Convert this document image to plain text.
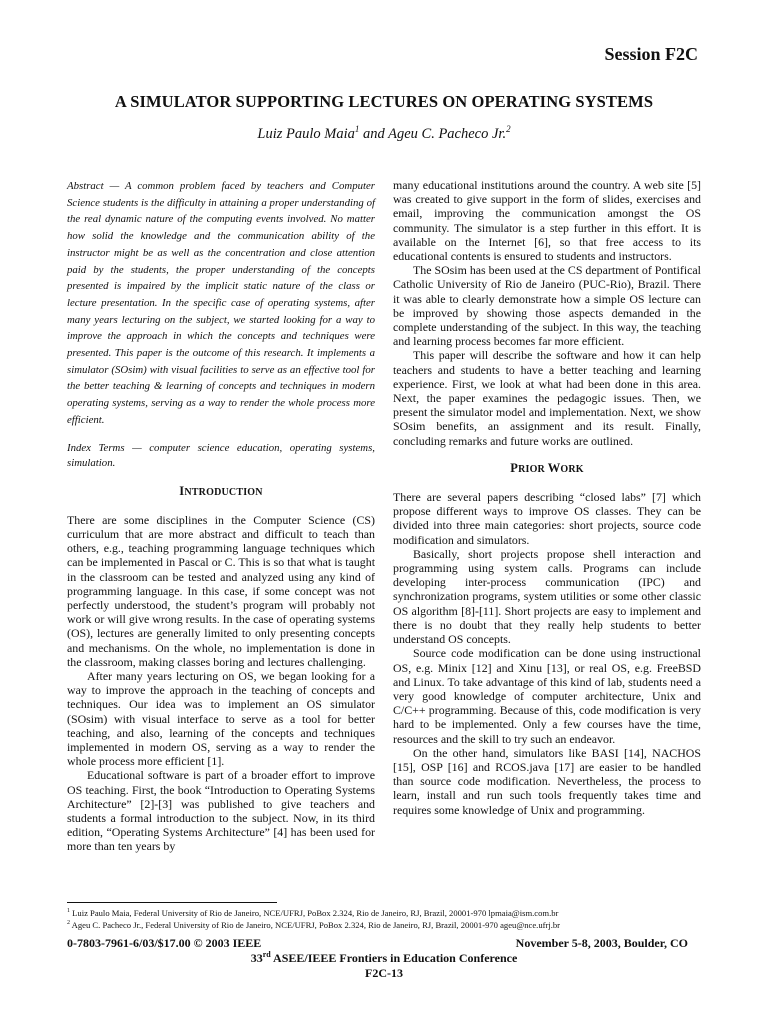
Session F2C
A SIMULATOR SUPPORTING LECTURES ON OPERATING SYSTEMS
Luiz Paulo Maia$^1$ and Ageu C. Pacheco Jr.$^2$

Abstract — A common problem faced by teachers and Computer Science students is the difficulty in attaining a proper understanding of the real dynamic nature of the computing events involved. No matter how solid the knowledge and the communication ability of the instructor might be as well as the concentration and close attention paid by the students, the proper understanding of the concepts presented is impaired by the implicit static nature of the class or lecture presentation. In the specific case of operating systems, after many years lecturing on the subject, we started looking for a way to improve the approach in which the concepts and techniques were presented. This paper is the outcome of this research. It implements a simulator (SOsim) with visual facilities to serve as an effective tool for the better teaching & learning of concepts and techniques in modern operating systems, serving as a way to render the whole process more efficient.

Index Terms — computer science education, operating systems, simulation.

INTRODUCTION

There are some disciplines in the Computer Science (CS) curriculum that are more abstract and difficult to teach than others, e.g., teaching programming language techniques which can be implemented in Pascal or C. This is so that what is taught in the classroom can be tested and analyzed using any kind of programming language. In this case, if some concept was not perfectly understood, the student’s program will probably not work or will give wrong results. In the case of operating systems (OS), lectures are generally limited to only presenting concepts and mechanisms. On the whole, no implementation is done in the classroom, making classes boring and lectures challenging.

After many years lecturing on OS, we began looking for a way to improve the approach in the teaching of concepts and techniques. Our idea was to implement an OS simulator (SOsim) with visual interface to serve as a tool for better teaching, and also, learning of the concepts and techniques implemented in modern OS, serving as a way to render the whole process more efficient [1].

Educational software is part of a broader effort to improve OS teaching. First, the book “Introduction to Operating Systems Architecture” [2]-[3] was published to give teachers and students a formal introduction to the subject. Now, in its third edition, “Operating Systems Architecture” [4] has been used for more than ten years by

many educational institutions around the country. A web site [5] was created to give support in the form of slides, exercises and email, improving the communication amongst the OS community. The simulator is a step further in this effort. It is available on the Internet [6], so that free access to its educational contents is ensured to students and instructors.

The SOsim has been used at the CS department of Pontifical Catholic University of Rio de Janeiro (PUC-Rio), Brazil. There it was able to clearly demonstrate how a simple OS lecture can be improved by showing those aspects demanded in the complete understanding of the subject. In this way, the teaching and learning process becomes far more efficient.

This paper will describe the software and how it can help teachers and students to have a better teaching and learning experience. First, we look at what had been done in this area. Next, the paper examines the pedagogic issues. Then, we present the simulator model and implementation. Next, we show SOsim benefits, an assignment and its result. Finally, concluding remarks and future works are outlined.

PRIOR WORK

There are several papers describing “closed labs” [7] which propose different ways to improve OS classes. They can be divided into three main categories: short projects, source code modification and simulators.

Basically, short projects propose shell interaction and programming using system calls. Programs can include developing inter-process communication (IPC) and synchronization programs, system utilities or some other classic OS algorithm [8]-[11]. Short projects are easy to implement and there is no doubt that they really help students to better understand OS concepts.

Source code modification can be done using instructional OS, e.g. Minix [12] and Xinu [13], or real OS, e.g. FreeBSD and Linux. To take advantage of this kind of lab, students need a very good knowledge of computer architecture, Unix and C/C++ programming. Because of this, code modification is very hard to be implemented. Only a few courses have the time, resources and the skill to try such an endeavor.

On the other hand, simulators like BASI [14], NACHOS [15], OSP [16] and RCOS.java [17] are easier to be handled than source code modification. Nevertheless, the process to learn, install and run such tools frequently takes time and requires some knowledge of Unix and programming.

$^1$ Luiz Paulo Maia, Federal University of Rio de Janeiro, NCE/UFRJ, PoBox 2.324, Rio de Janeiro, RJ, Brazil, 20001-970 lpmaia@ism.com.br
$^2$ Ageu C. Pacheco Jr., Federal University of Rio de Janeiro, NCE/UFRJ, PoBox 2.324, Rio de Janeiro, RJ, Brazil, 20001-970 ageu@nce.ufrj.br
0-7803-7961-6/03/$17.00 © 2003 IEEE	November 5-8, 2003, Boulder, CO
33rd ASEE/IEEE Frontiers in Education Conference
F2C-13
